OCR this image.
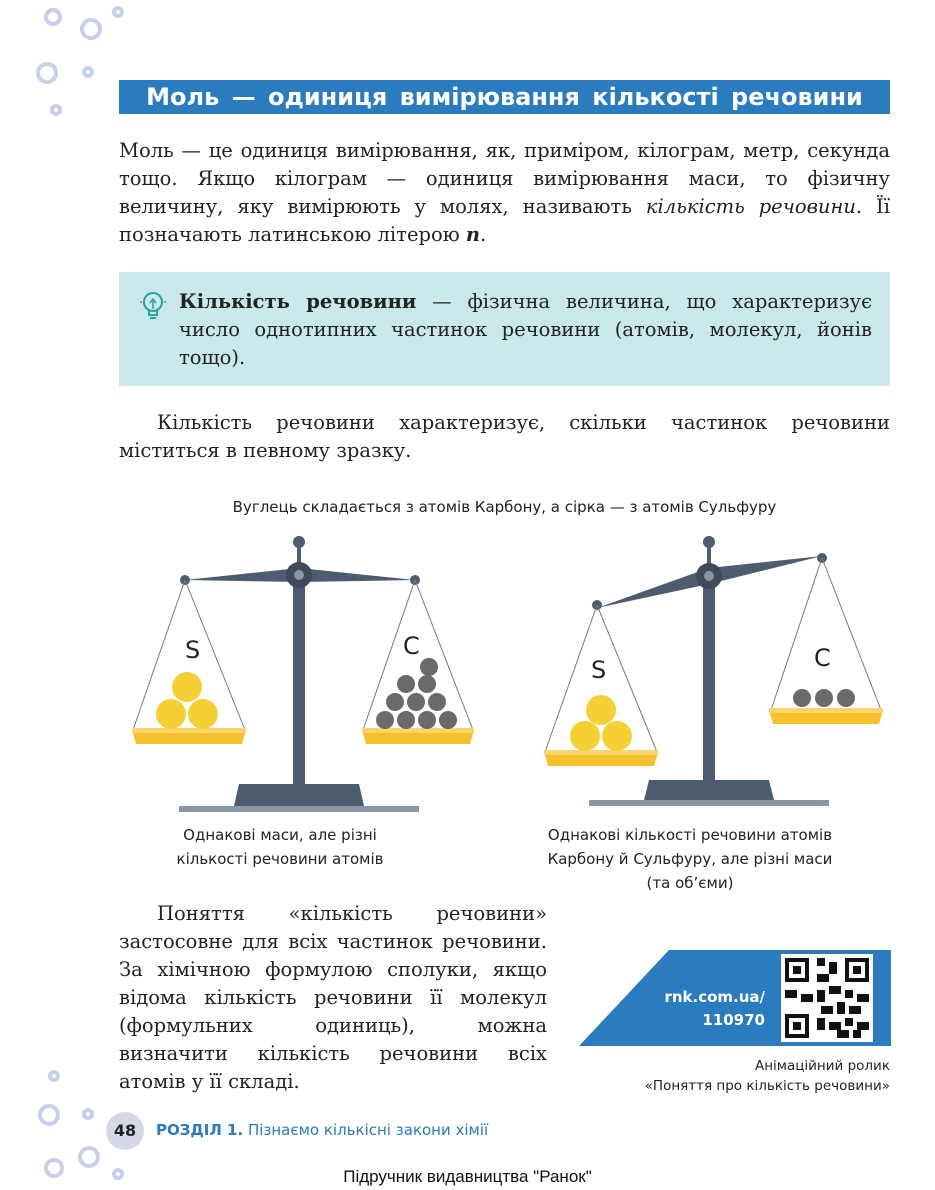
Моль — одиниця вимірювання кількості речовини

Моль — це одиниця вимірювання, як, приміром, кілограм, метр, секунда тощо. Якщо кілограм — одиниця вимірювання маси, то фізичну величину, яку вимірюють у молях, називають кількість речовини. Її позначають латинською літерою n.

Кількість речовини — фізична величина, що характеризує число однотипних частинок речовини (атомів, молекул, йонів тощо).

Кількість речовини характеризує, скільки частинок речовини міститься в певному зразку.

Вуглець складається з атомів Карбону, а сірка — з атомів Сульфуру
S	C
S	C
Однакові маси, але різні
кількості речовини атомів
Однакові кількості речовини атомів
Карбону й Сульфуру, але різні маси
(та об’єми)

Поняття «кількість речовини» застосовне для всіх частинок речовини. За хімічною формулою сполуки, якщо відома кількість речовини її молекул (формульних одиниць), можна визначити кількість речовини всіх атомів у її складі.

rnk.com.ua/
110970
Анімаційний ролик
«Поняття про кількість речовини»
48	РОЗДІЛ 1. Пізнаємо кількісні закони хімії
Підручник видавництва "Ранок"
